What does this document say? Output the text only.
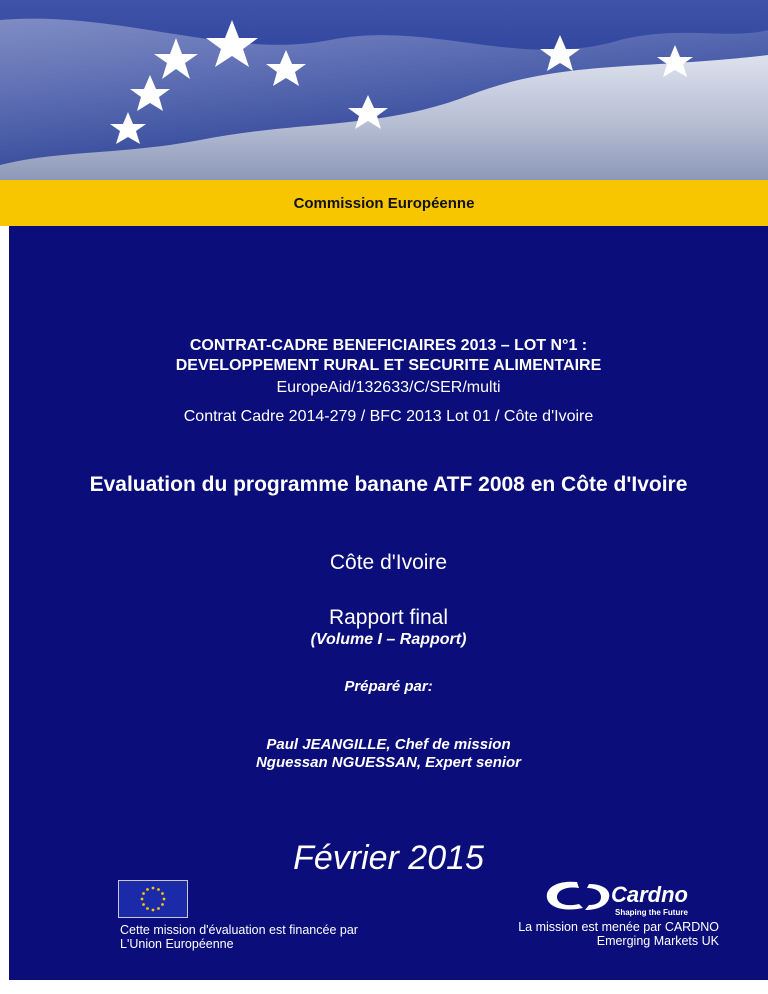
Commission Européenne
CONTRAT-CADRE BENEFICIAIRES 2013 – LOT N°1 :
DEVELOPPEMENT RURAL ET SECURITE ALIMENTAIRE
EuropeAid/132633/C/SER/multi
Contrat Cadre 2014-279 / BFC 2013 Lot 01 / Côte d'Ivoire
Evaluation du programme banane ATF 2008 en Côte d'Ivoire
Côte d'Ivoire
Rapport final
(Volume I – Rapport)
Préparé par:
Paul JEANGILLE, Chef de mission
Nguessan NGUESSAN, Expert senior
Février 2015
Cette mission d'évaluation est financée par
L'Union Européenne
Cardno
Shaping the Future
La mission est menée par CARDNO
Emerging Markets UK
